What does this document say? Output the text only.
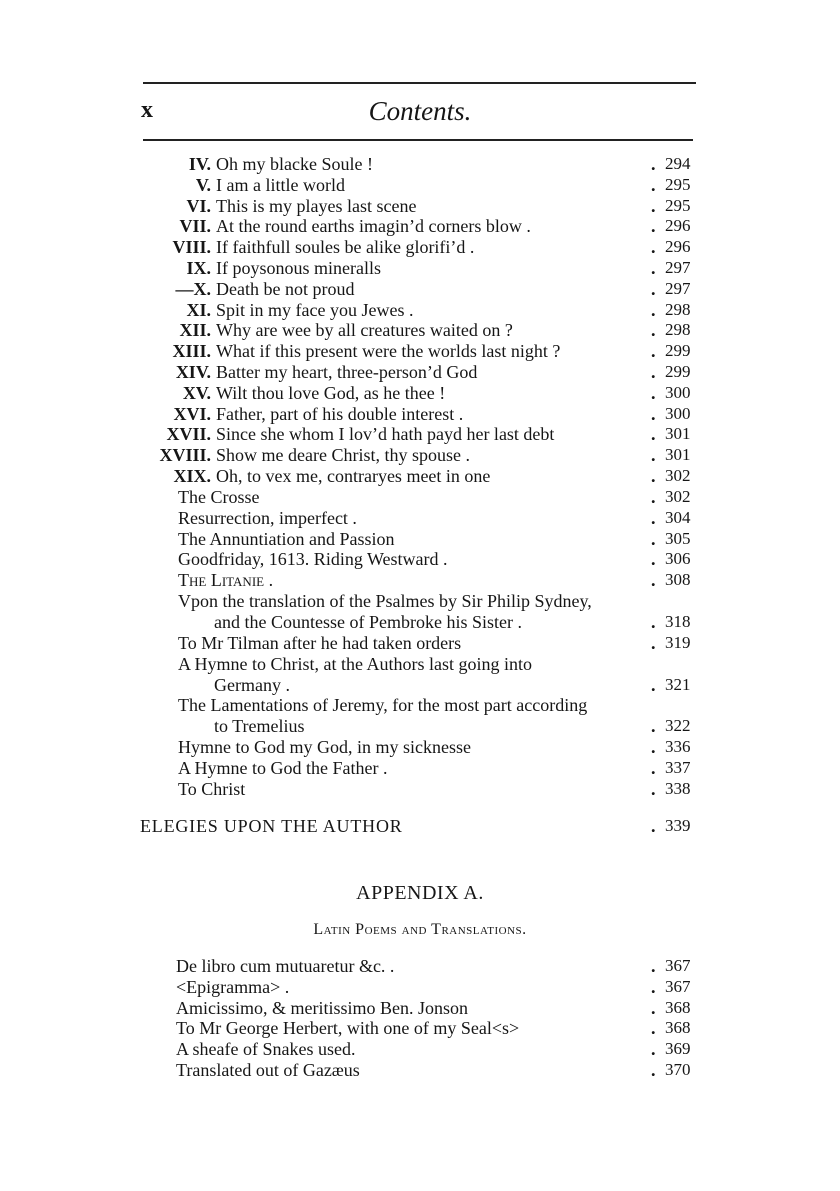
x	Contents.
IV. Oh my blacke Soule !	294
.
V. I am a little world	295
.
VI. This is my playes last scene	295
.
VII. At the round earths imagin’d corners blow .	296
.
VIII. If faithfull soules be alike glorifi’d .	296
.
IX. If poysonous mineralls	297
.
—X. Death be not proud	297
.
XI. Spit in my face you Jewes .	298
.
XII. Why are wee by all creatures waited on ?	298
.
XIII. What if this present were the worlds last night ?	299
.
XIV. Batter my heart, three-person’d God	299
.
XV. Wilt thou love God, as he thee !	300
.
XVI. Father, part of his double interest .	300
.
XVII. Since she whom I lov’d hath payd her last debt	301
.
XVIII. Show me deare Christ, thy spouse .	301
.
XIX. Oh, to vex me, contraryes meet in one	302
.
The Crosse	302
.
Resurrection, imperfect .	304
.
The Annuntiation and Passion	305
.
Goodfriday, 1613. Riding Westward .	306
.
The Litanie .	308
.
Vpon the translation of the Psalmes by Sir Philip Sydney,
and the Countesse of Pembroke his Sister .	318
.
To Mr Tilman after he had taken orders	319
.
A Hymne to Christ, at the Authors last going into
Germany .	321
.
The Lamentations of Jeremy, for the most part according
to Tremelius	322
.
Hymne to God my God, in my sicknesse	336
.
A Hymne to God the Father .	337
.
To Christ	338
.
ELEGIES UPON THE AUTHOR	339
.
De libro cum mutuaretur &c. .	367
.
<Epigramma> .	367
.
Amicissimo, & meritissimo Ben. Jonson	368
.
To Mr George Herbert, with one of my Seal<s>	368
.
A sheafe of Snakes used.	369
.
Translated out of Gazæus	370
.
APPENDIX A.
Latin Poems and Translations.
